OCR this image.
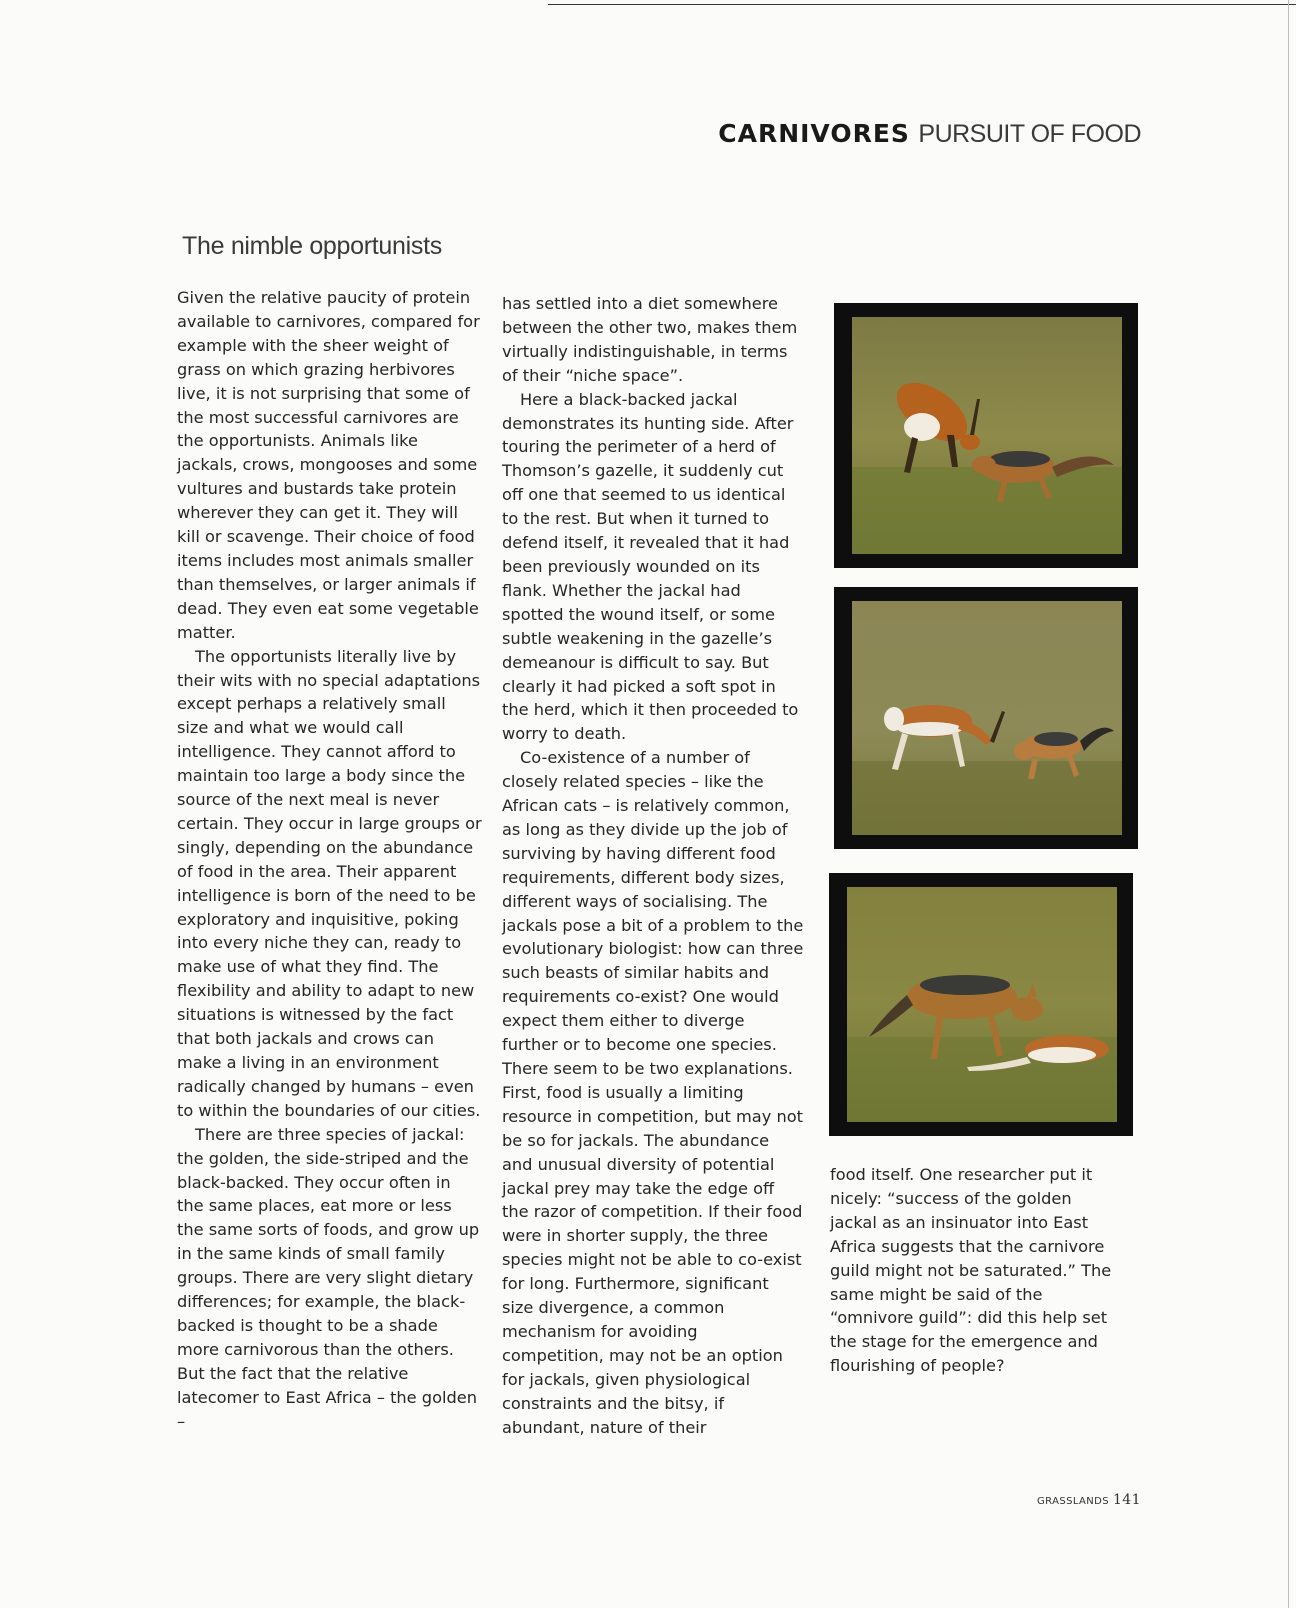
CARNIVORES PURSUIT OF FOOD
The nimble opportunists

Given the relative paucity of protein available to carnivores, compared for example with the sheer weight of grass on which grazing herbivores live, it is not surprising that some of the most successful carnivores are the opportunists. Animals like jackals, crows, mongooses and some vultures and bustards take protein wherever they can get it. They will kill or scavenge. Their choice of food items includes most animals smaller than themselves, or larger animals if dead. They even eat some vegetable matter.

The opportunists literally live by their wits with no special adaptations except perhaps a relatively small size and what we would call intelligence. They cannot afford to maintain too large a body since the source of the next meal is never certain. They occur in large groups or singly, depending on the abundance of food in the area. Their apparent intelligence is born of the need to be exploratory and inquisitive, poking into every niche they can, ready to make use of what they find. The flexibility and ability to adapt to new situations is witnessed by the fact that both jackals and crows can make a living in an environment radically changed by humans – even to within the boundaries of our cities.

There are three species of jackal: the golden, the side-striped and the black-backed. They occur often in the same places, eat more or less the same sorts of foods, and grow up in the same kinds of small family groups. There are very slight dietary differences; for example, the black-backed is thought to be a shade more carnivorous than the others. But the fact that the relative latecomer to East Africa – the golden –

has settled into a diet somewhere between the other two, makes them virtually indistinguishable, in terms of their “niche space”.

Here a black-backed jackal demonstrates its hunting side. After touring the perimeter of a herd of Thomson’s gazelle, it suddenly cut off one that seemed to us identical to the rest. But when it turned to defend itself, it revealed that it had been previously wounded on its flank. Whether the jackal had spotted the wound itself, or some subtle weakening in the gazelle’s demeanour is difficult to say. But clearly it had picked a soft spot in the herd, which it then proceeded to worry to death.

Co-existence of a number of closely related species – like the African cats – is relatively common, as long as they divide up the job of surviving by having different food requirements, different body sizes, different ways of socialising. The jackals pose a bit of a problem to the evolutionary biologist: how can three such beasts of similar habits and requirements co-exist? One would expect them either to diverge further or to become one species. There seem to be two explanations. First, food is usually a limiting resource in competition, but may not be so for jackals. The abundance and unusual diversity of potential jackal prey may take the edge off the razor of competition. If their food were in shorter supply, the three species might not be able to co-exist for long. Furthermore, significant size divergence, a common mechanism for avoiding competition, may not be an option for jackals, given physiological constraints and the bitsy, if abundant, nature of their

food itself. One researcher put it nicely: “success of the golden jackal as an insinuator into East Africa suggests that the carnivore guild might not be saturated.” The same might be said of the “omnivore guild”: did this help set the stage for the emergence and flourishing of people?

GRASSLANDS 141
